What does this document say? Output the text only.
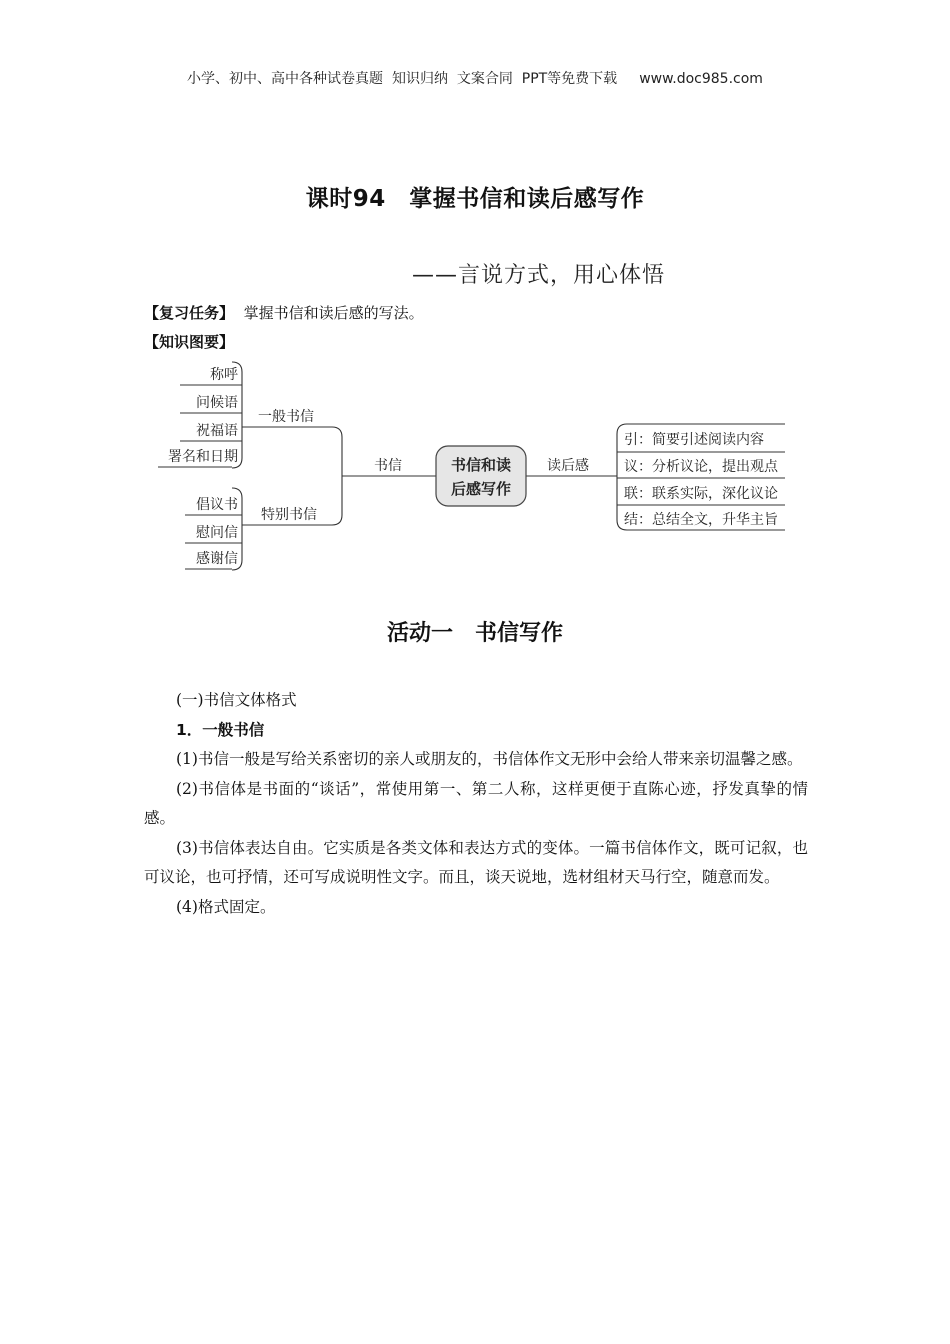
小学、初中、高中各种试卷真题  知识归纳  文案合同  PPT等免费下载 www.doc985.com
课时94　掌握书信和读后感写作
——言说方式，用心体悟
【复习任务】 掌握书信和读后感的写法。
【知识图要】
书信和读
后感写作
书信	读后感
一般书信
特别书信
称呼
问候语
祝福语
署名和日期
倡议书
慰问信
感谢信
引：简要引述阅读内容
议：分析议论，提出观点
联：联系实际，深化议论
结：总结全文，升华主旨
活动一　书信写作

(一)书信文体格式

1．一般书信

(1)书信一般是写给关系密切的亲人或朋友的，书信体作文无形中会给人带来亲切温馨之感。

(2)书信体是书面的“谈话”，常使用第一、第二人称，这样更便于直陈心迹，抒发真挚的情感。

(3)书信体表达自由。它实质是各类文体和表达方式的变体。一篇书信体作文，既可记叙，也可议论，也可抒情，还可写成说明性文字。而且，谈天说地，选材组材天马行空，随意而发。

(4)格式固定。
